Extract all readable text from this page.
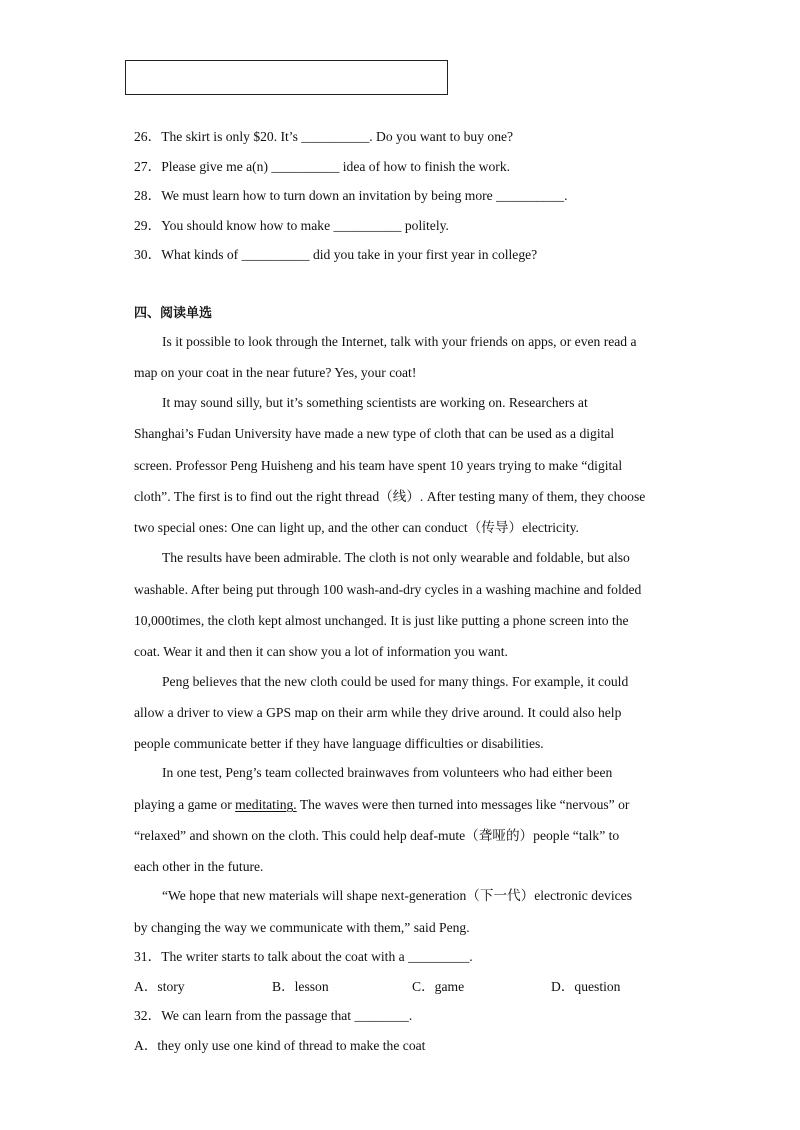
26．The skirt is only $20. It’s __________. Do you want to buy one?
27．Please give me a(n) __________ idea of how to finish the work.
28．We must learn how to turn down an invitation by being more __________.
29．You should know how to make __________ politely.
30．What kinds of __________ did you take in your first year in college?
四、阅读单选
Is it possible to look through the Internet, talk with your friends on apps, or even read a
map on your coat in the near future? Yes, your coat!
It may sound silly, but it’s something scientists are working on. Researchers at
Shanghai’s Fudan University have made a new type of cloth that can be used as a digital
screen. Professor Peng Huisheng and his team have spent 10 years trying to make “digital
cloth”. The first is to find out the right thread（线）. After testing many of them, they choose
two special ones: One can light up, and the other can conduct（传导）electricity.
The results have been admirable. The cloth is not only wearable and foldable, but also
washable. After being put through 100 wash-and-dry cycles in a washing machine and folded
10,000times, the cloth kept almost unchanged. It is just like putting a phone screen into the
coat. Wear it and then it can show you a lot of information you want.
Peng believes that the new cloth could be used for many things. For example, it could
allow a driver to view a GPS map on their arm while they drive around. It could also help
people communicate better if they have language difficulties or disabilities.
In one test, Peng’s team collected brainwaves from volunteers who had either been
playing a game or meditating. The waves were then turned into messages like “nervous” or
“relaxed” and shown on the cloth. This could help deaf-mute（聋哑的）people “talk” to
each other in the future.
“We hope that new materials will shape next-generation（下一代）electronic devices
by changing the way we communicate with them,” said Peng.
31．The writer starts to talk about the coat with a _________.
A．story	B．lesson	C．game	D．question
32．We can learn from the passage that ________.
A．they only use one kind of thread to make the coat
